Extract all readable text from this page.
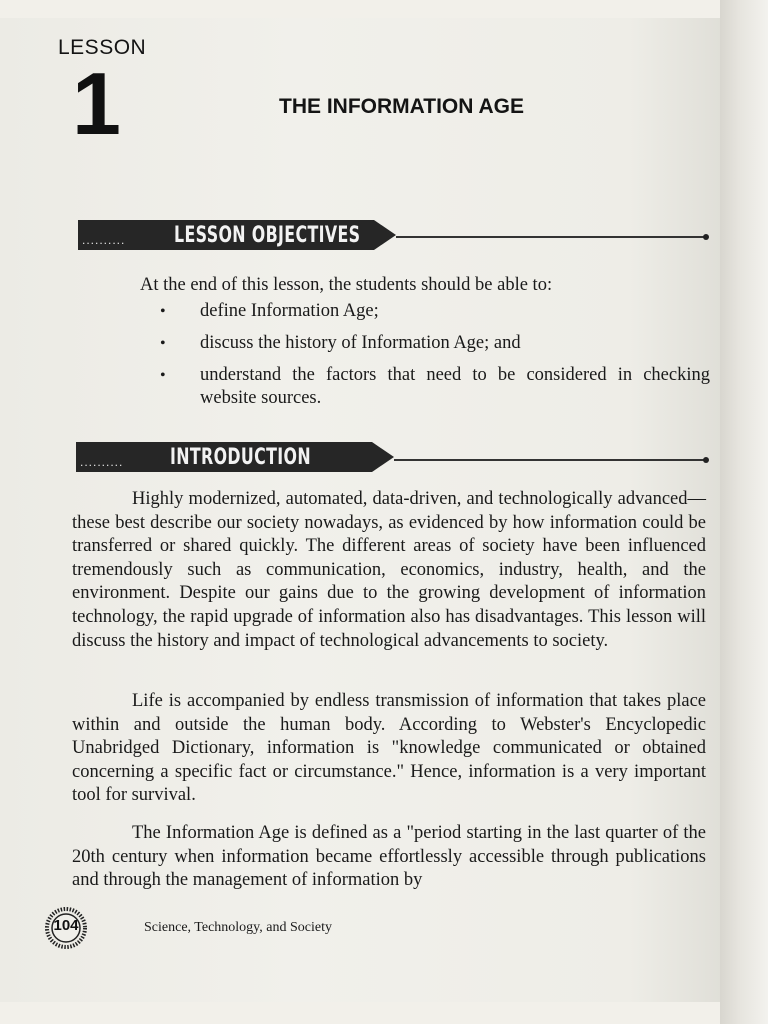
LESSON
1	THE INFORMATION AGE
.......... LESSON OBJECTIVES
At the end of this lesson, the students should be able to:
• define Information Age;
• discuss the history of Information Age; and
• understand the factors that need to be considered in checking website sources.
.......... INTRODUCTION
Highly modernized, automated, data-driven, and technologically advanced—these best describe our society nowadays, as evidenced by how information could be transferred or shared quickly. The different areas of society have been influenced tremendously such as communication, economics, industry, health, and the environment. Despite our gains due to the growing development of information technology, the rapid upgrade of information also has disadvantages. This lesson will discuss the history and impact of technological advancements to society.
Life is accompanied by endless transmission of information that takes place within and outside the human body. According to Webster's Encyclopedic Unabridged Dictionary, information is "knowledge communicated or obtained concerning a specific fact or circumstance." Hence, information is a very important tool for survival.
The Information Age is defined as a "period starting in the last quarter of the 20th century when information became effortlessly accessible through publications and through the management of information by
104	Science, Technology, and Society
